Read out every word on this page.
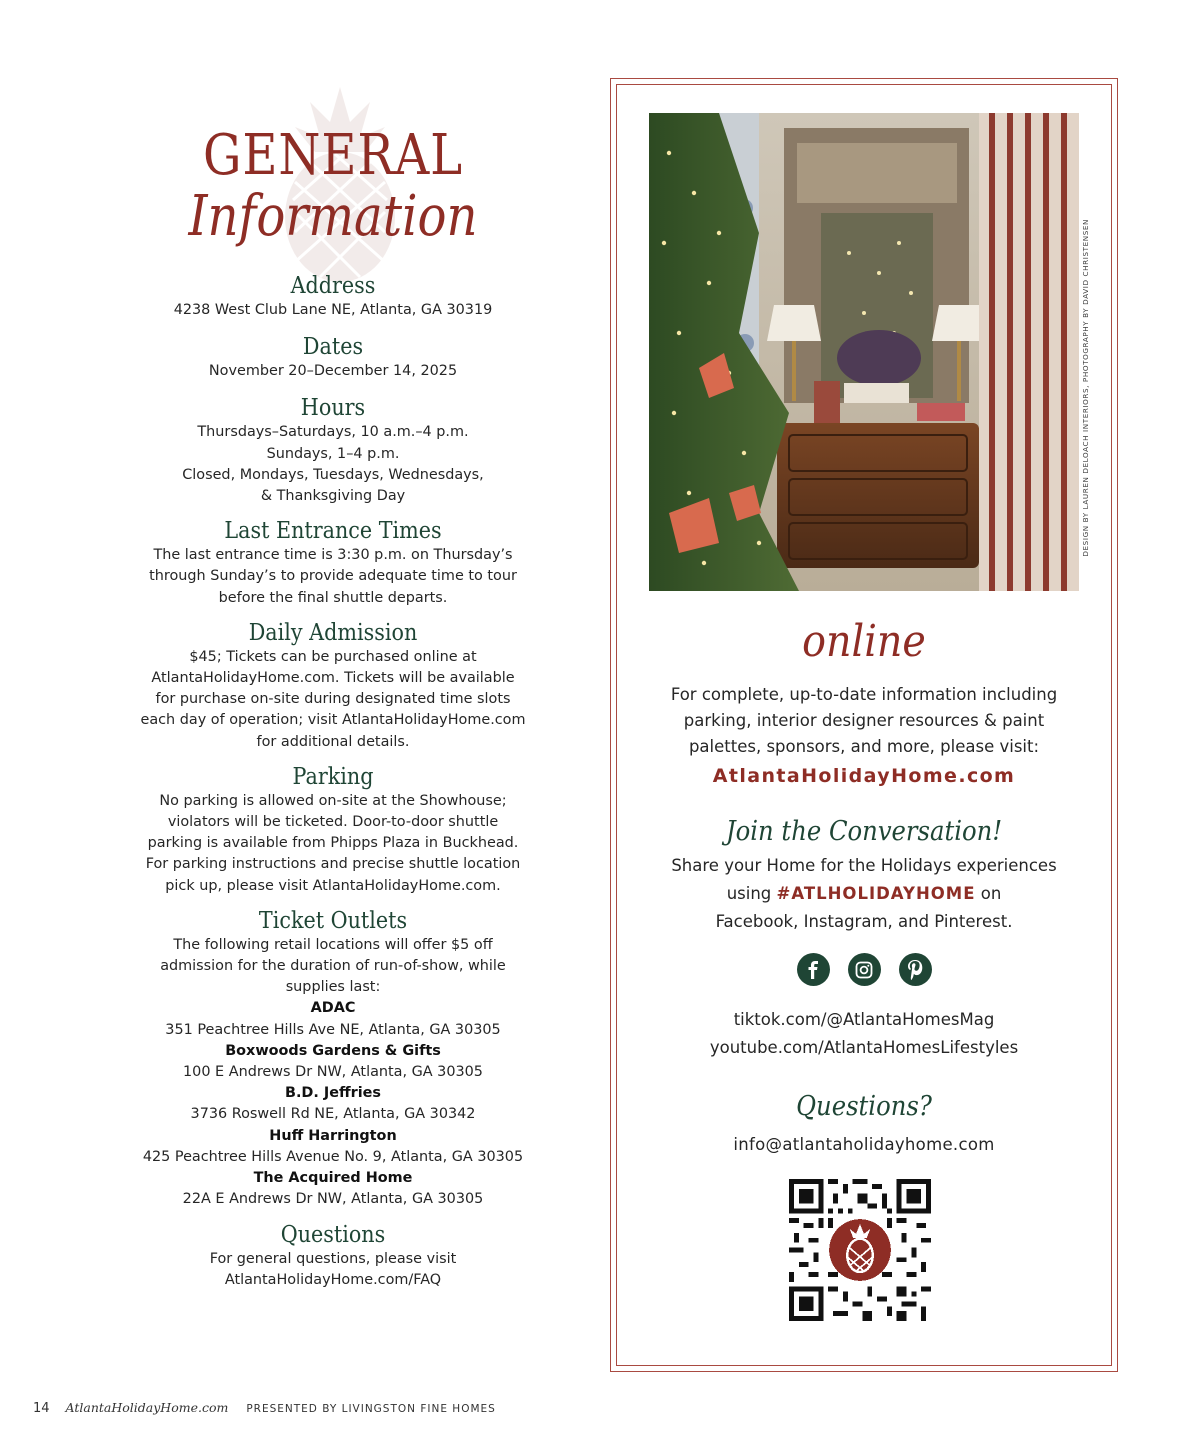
GENERAL
Information
Address

4238 West Club Lane NE, Atlanta, GA 30319

Dates

November 20–December 14, 2025

Hours

Thursdays–Saturdays, 10 a.m.–4 p.m.

Sundays, 1–4 p.m.

Closed, Mondays, Tuesdays, Wednesdays,

& Thanksgiving Day

Last Entrance Times

The last entrance time is 3:30 p.m. on Thursday’s

through Sunday’s to provide adequate time to tour

before the final shuttle departs.

Daily Admission

$45; Tickets can be purchased online at

AtlantaHolidayHome.com. Tickets will be available

for purchase on-site during designated time slots

each day of operation; visit AtlantaHolidayHome.com

for additional details.

Parking

No parking is allowed on-site at the Showhouse;

violators will be ticketed. Door-to-door shuttle

parking is available from Phipps Plaza in Buckhead.

For parking instructions and precise shuttle location

pick up, please visit AtlantaHolidayHome.com.

Ticket Outlets

The following retail locations will offer $5 off

admission for the duration of run-of-show, while

supplies last:

ADAC

351 Peachtree Hills Ave NE, Atlanta, GA 30305

Boxwoods Gardens & Gifts

100 E Andrews Dr NW, Atlanta, GA 30305

B.D. Jeffries

3736 Roswell Rd NE, Atlanta, GA 30342

Huff Harrington

425 Peachtree Hills Avenue No. 9, Atlanta, GA 30305

The Acquired Home

22A E Andrews Dr NW, Atlanta, GA 30305

Questions

For general questions, please visit

AtlantaHolidayHome.com/FAQ

DESIGN BY LAUREN DELOACH INTERIORS, PHOTOGRAPHY BY DAVID CHRISTENSEN
online
For complete, up-to-date information including
parking, interior designer resources & paint
palettes, sponsors, and more, please visit:
AtlantaHolidayHome.com
Join the Conversation!
Share your Home for the Holidays experiences
using #ATLHOLIDAYHOME on
Facebook, Instagram, and Pinterest.
tiktok.com/@AtlantaHomesMag
youtube.com/AtlantaHomesLifestyles
Questions?
info@atlantaholidayhome.com
14 AtlantaHolidayHome.com PRESENTED BY LIVINGSTON FINE HOMES
